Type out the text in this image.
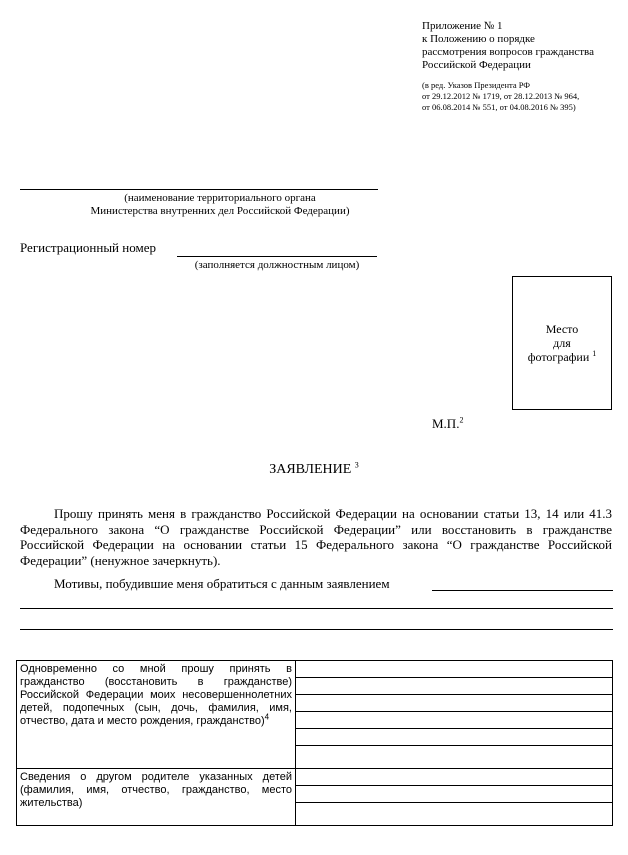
Приложение № 1
к Положению о порядке
рассмотрения вопросов гражданства
Российской Федерации
(в ред. Указов Президента РФ
от 29.12.2012 № 1719, от 28.12.2013 № 964,
от 06.08.2014 № 551, от 04.08.2016 № 395)
(наименование территориального органа
Министерства внутренних дел Российской Федерации)
Регистрационный номер
(заполняется должностным лицом)
Место
для
фотографии $^1$
М.П.$^2$
ЗАЯВЛЕНИЕ $^3$

Прошу принять меня в гражданство Российской Федерации на основании статьи 13, 14 или 41.3 Федерального закона “О гражданстве Российской Федерации” или восстановить в гражданстве Российской Федерации на основании статьи 15 Федерального закона “О гражданстве Российской Федерации” (ненужное зачеркнуть).

Мотивы, побудившие меня обратиться с данным заявлением
Одновременно со мной прошу принять в гражданство (восстановить в гражданстве) Российской Федерации моих несовершеннолетних детей, подопечных (сын, дочь, фамилия, имя, отчество, дата и место рождения, гражданство)$^4$	

Сведения о другом родителе указанных детей (фамилия, имя, отчество, гражданство, место жительства)	
